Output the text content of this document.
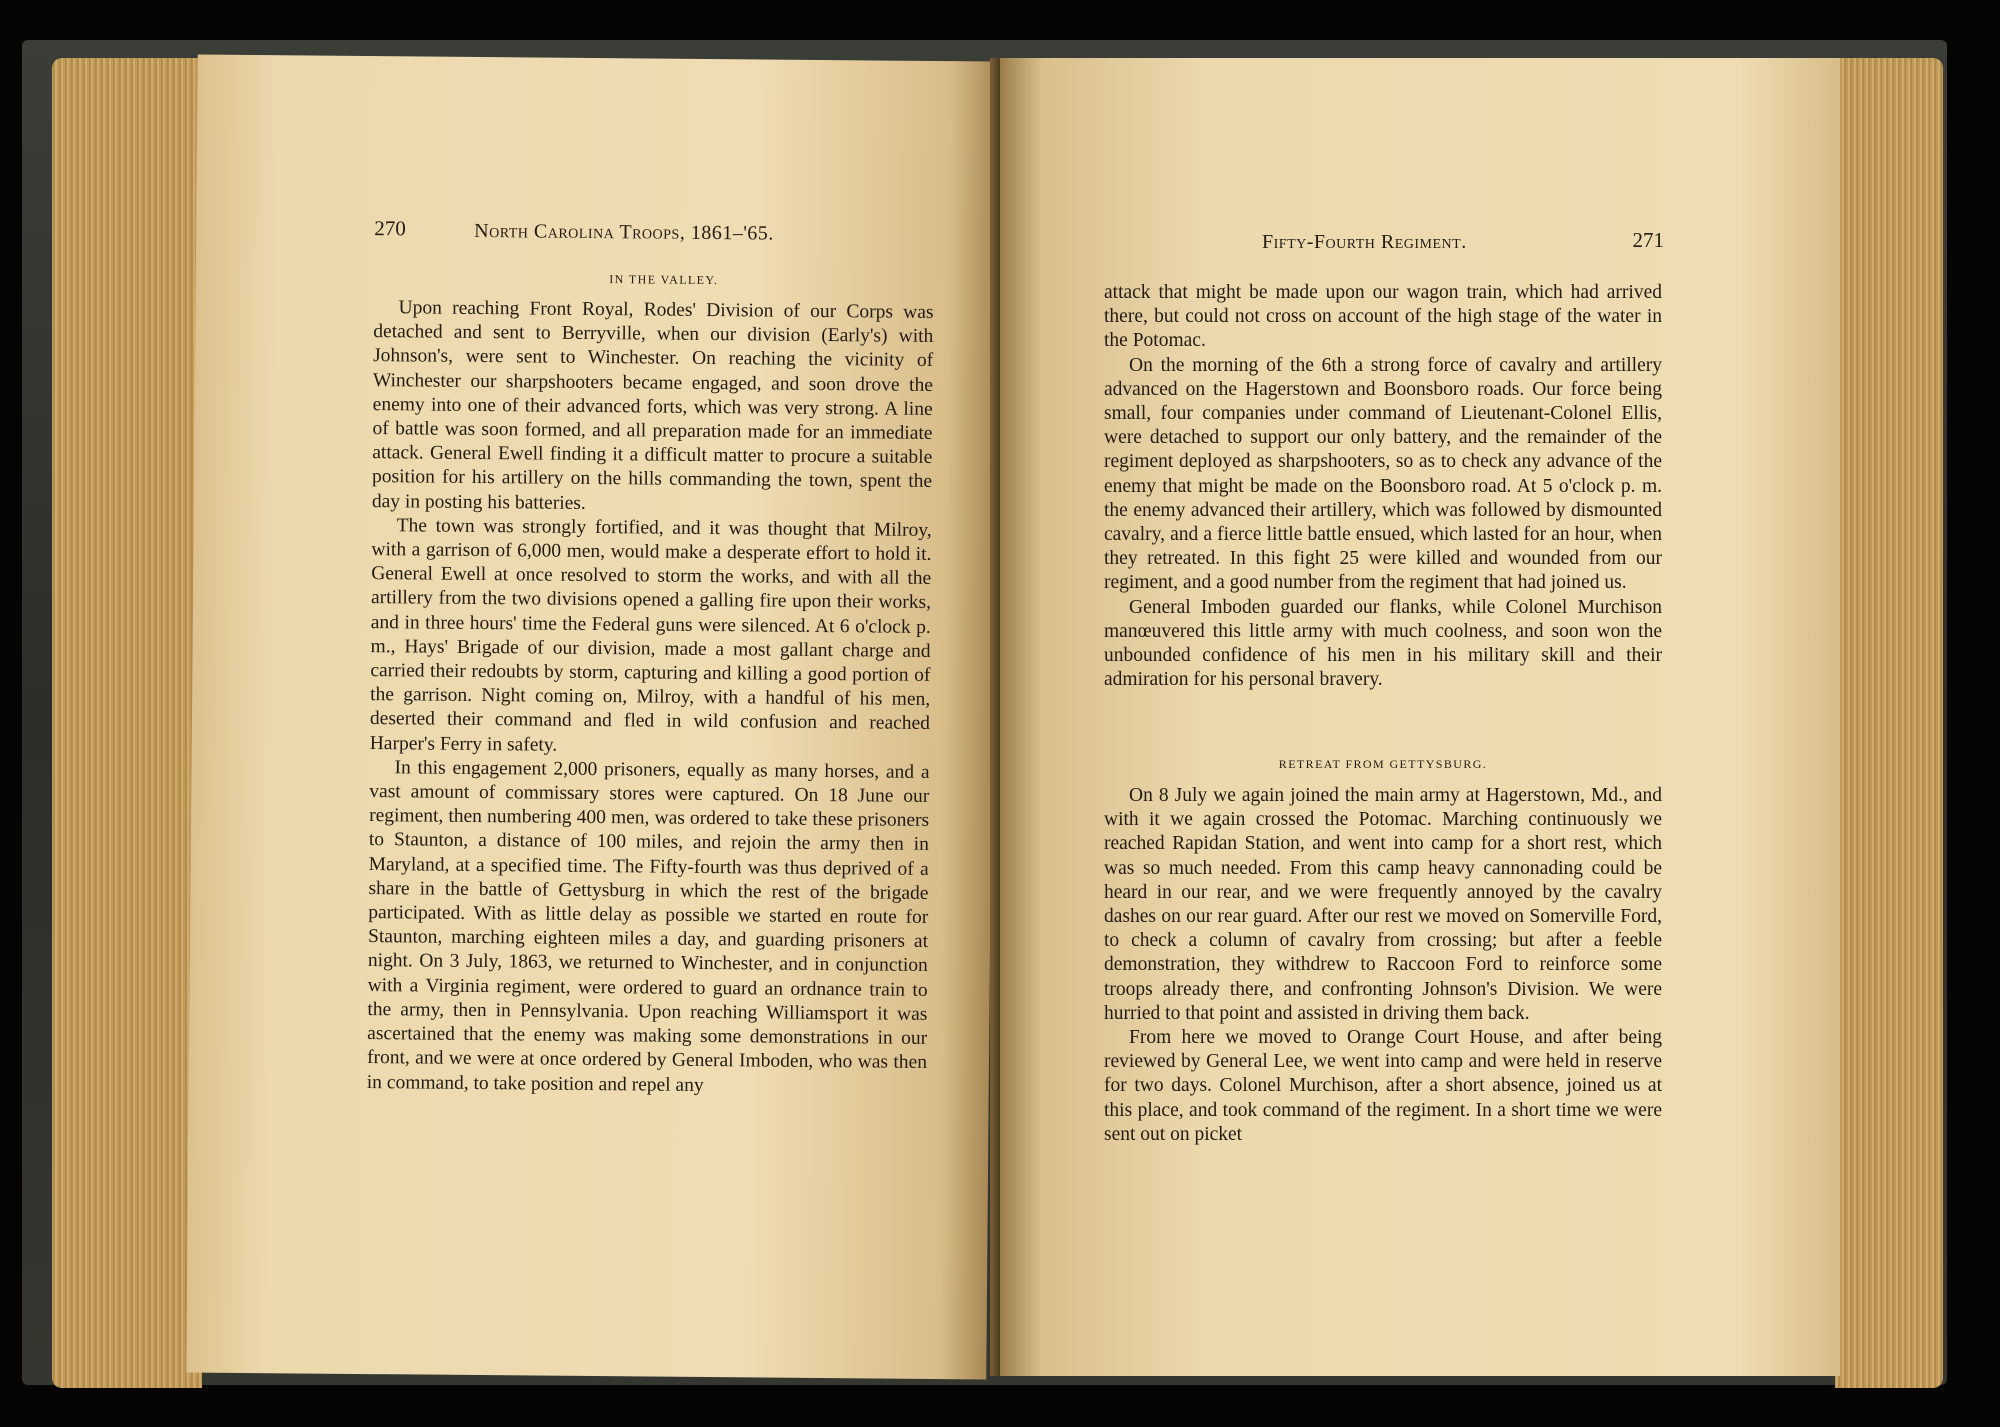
270	North Carolina Troops, 1861–'65.
IN THE VALLEY.

Upon reaching Front Royal, Rodes' Division of our Corps was detached and sent to Berryville, when our division (Early's) with Johnson's, were sent to Winchester. On reaching the vicinity of Winchester our sharpshooters became engaged, and soon drove the enemy into one of their advanced forts, which was very strong. A line of battle was soon formed, and all preparation made for an immediate attack. General Ewell finding it a difficult matter to procure a suitable position for his artillery on the hills commanding the town, spent the day in posting his batteries.

The town was strongly fortified, and it was thought that Milroy, with a garrison of 6,000 men, would make a desperate effort to hold it. General Ewell at once resolved to storm the works, and with all the artillery from the two divisions opened a galling fire upon their works, and in three hours' time the Federal guns were silenced. At 6 o'clock p. m., Hays' Brigade of our division, made a most gallant charge and carried their redoubts by storm, capturing and killing a good portion of the garrison. Night coming on, Milroy, with a handful of his men, deserted their command and fled in wild confusion and reached Harper's Ferry in safety.

In this engagement 2,000 prisoners, equally as many horses, and a vast amount of commissary stores were captured. On 18 June our regiment, then numbering 400 men, was ordered to take these prisoners to Staunton, a distance of 100 miles, and rejoin the army then in Maryland, at a specified time. The Fifty-fourth was thus deprived of a share in the battle of Gettysburg in which the rest of the brigade participated. With as little delay as possible we started en route for Staunton, marching eighteen miles a day, and guarding prisoners at night. On 3 July, 1863, we returned to Winchester, and in conjunction with a Virginia regiment, were ordered to guard an ordnance train to the army, then in Pennsylvania. Upon reaching Williamsport it was ascertained that the enemy was making some demonstrations in our front, and we were at once ordered by General Imboden, who was then in command, to take position and repel any

Fifty-Fourth Regiment.	271

attack that might be made upon our wagon train, which had arrived there, but could not cross on account of the high stage of the water in the Potomac.

On the morning of the 6th a strong force of cavalry and artillery advanced on the Hagerstown and Boonsboro roads. Our force being small, four companies under command of Lieutenant-Colonel Ellis, were detached to support our only battery, and the remainder of the regiment deployed as sharpshooters, so as to check any advance of the enemy that might be made on the Boonsboro road. At 5 o'clock p. m. the enemy advanced their artillery, which was followed by dismounted cavalry, and a fierce little battle ensued, which lasted for an hour, when they retreated. In this fight 25 were killed and wounded from our regiment, and a good number from the regiment that had joined us.

General Imboden guarded our flanks, while Colonel Murchison manœuvered this little army with much coolness, and soon won the unbounded confidence of his men in his military skill and their admiration for his personal bravery.

RETREAT FROM GETTYSBURG.

On 8 July we again joined the main army at Hagerstown, Md., and with it we again crossed the Potomac. Marching continuously we reached Rapidan Station, and went into camp for a short rest, which was so much needed. From this camp heavy cannonading could be heard in our rear, and we were frequently annoyed by the cavalry dashes on our rear guard. After our rest we moved on Somerville Ford, to check a column of cavalry from crossing; but after a feeble demonstration, they withdrew to Raccoon Ford to reinforce some troops already there, and confronting Johnson's Division. We were hurried to that point and assisted in driving them back.

From here we moved to Orange Court House, and after being reviewed by General Lee, we went into camp and were held in reserve for two days. Colonel Murchison, after a short absence, joined us at this place, and took command of the regiment. In a short time we were sent out on picket
